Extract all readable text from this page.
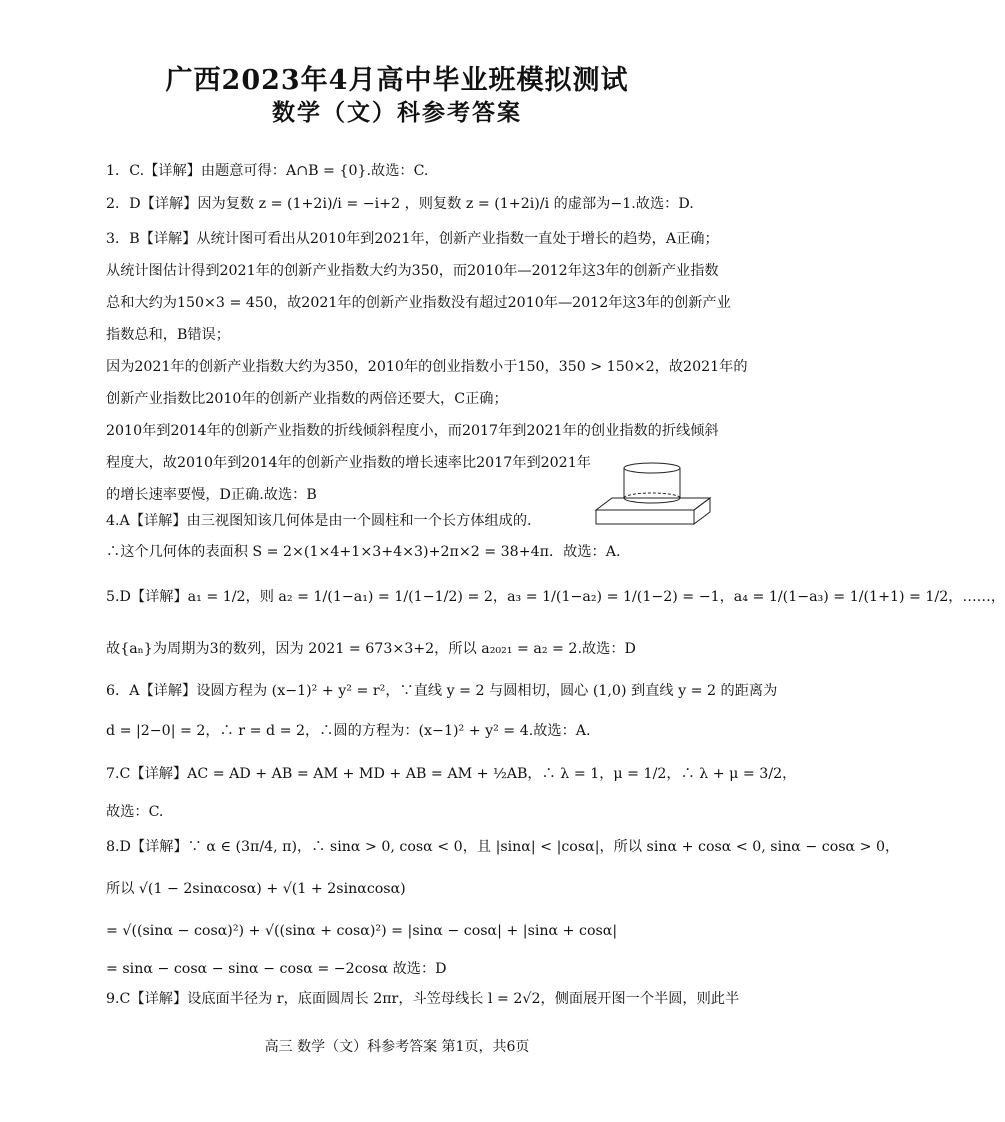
广西2023年4月高中毕业班模拟测试
数学（文）科参考答案
1．C.【详解】由题意可得：A∩B = {0}.故选：C.
2．D【详解】因为复数 z = (1+2i)/i = −i+2 ，则复数 z = (1+2i)/i 的虚部为−1.故选：D.
3．B【详解】从统计图可看出从2010年到2021年，创新产业指数一直处于增长的趋势，A正确；
从统计图估计得到2021年的创新产业指数大约为350，而2010年—2012年这3年的创新产业指数
总和大约为150×3 = 450，故2021年的创新产业指数没有超过2010年—2012年这3年的创新产业
指数总和，B错误；
因为2021年的创新产业指数大约为350，2010年的创业指数小于150，350 > 150×2，故2021年的
创新产业指数比2010年的创新产业指数的两倍还要大，C正确；
2010年到2014年的创新产业指数的折线倾斜程度小，而2017年到2021年的创业指数的折线倾斜
程度大，故2010年到2014年的创新产业指数的增长速率比2017年到2021年
的增长速率要慢，D正确.故选：B
4.A【详解】由三视图知该几何体是由一个圆柱和一个长方体组成的.
∴这个几何体的表面积 S = 2×(1×4+1×3+4×3)+2π×2 = 38+4π．故选：A.
5.D【详解】a₁ = 1/2，则 a₂ = 1/(1−a₁) = 1/(1−1/2) = 2，a₃ = 1/(1−a₂) = 1/(1−2) = −1，a₄ = 1/(1−a₃) = 1/(1+1) = 1/2，……，
故{aₙ}为周期为3的数列，因为 2021 = 673×3+2，所以 a₂₀₂₁ = a₂ = 2.故选：D
6．A【详解】设圆方程为 (x−1)² + y² = r²，∵直线 y = 2 与圆相切，圆心 (1,0) 到直线 y = 2 的距离为
d = |2−0| = 2，∴ r = d = 2，∴圆的方程为：(x−1)² + y² = 4.故选：A.
7.C【详解】AC = AD + AB = AM + MD + AB = AM + ½AB，∴ λ = 1，μ = 1/2，∴ λ + μ = 3/2，
故选：C.
8.D【详解】∵ α ∈ (3π/4, π)，∴ sinα > 0, cosα < 0，且 |sinα| < |cosα|，所以 sinα + cosα < 0, sinα − cosα > 0，
所以 √(1 − 2sinαcosα) + √(1 + 2sinαcosα)
= √((sinα − cosα)²) + √((sinα + cosα)²) = |sinα − cosα| + |sinα + cosα|
= sinα − cosα − sinα − cosα = −2cosα 故选：D
9.C【详解】设底面半径为 r，底面圆周长 2πr，斗笠母线长 l = 2√2，侧面展开图一个半圆，则此半
高三 数学（文）科参考答案 第1页，共6页
